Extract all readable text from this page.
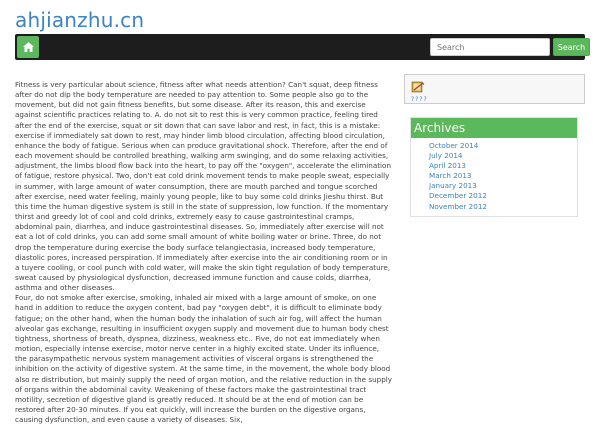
ahjianzhu.cn
Search
Search

Fitness is very particular about science, fitness after what needs attention? Can't squat, deep fitness after do not dip the body temperature are needed to pay attention to. Some people also go to the movement, but did not gain fitness benefits, but some disease. After its reason, this and exercise against scientific practices relating to. A. do not sit to rest this is very common practice, feeling tired after the end of the exercise, squat or sit down that can save labor and rest, in fact, this is a mistake: exercise if immediately sat down to rest, may hinder limb blood circulation, affecting blood circulation, enhance the body of fatigue. Serious when can produce gravitational shock. Therefore, after the end of each movement should be controlled breathing, walking arm swinging, and do some relaxing activities, adjustment, the limbs blood flow back into the heart, to pay off the "oxygen", accelerate the elimination of fatigue, restore physical. Two, don't eat cold drink movement tends to make people sweat, especially in summer, with large amount of water consumption, there are mouth parched and tongue scorched after exercise, need water feeling, mainly young people, like to buy some cold drinks Jieshu thirst. But this time the human digestive system is still in the state of suppression, low function. If the momentary thirst and greedy lot of cool and cold drinks, extremely easy to cause gastrointestinal cramps, abdominal pain, diarrhea, and induce gastrointestinal diseases. So, immediately after exercise will not eat a lot of cold drinks, you can add some small amount of white boiling water or brine. Three, do not drop the temperature during exercise the body surface telangiectasia, increased body temperature, diastolic pores, increased perspiration. If immediately after exercise into the air conditioning room or in a tuyere cooling, or cool punch with cold water, will make the skin tight regulation of body temperature, sweat caused by physiological dysfunction, decreased immune function and cause colds, diarrhea, asthma and other diseases.

Four, do not smoke after exercise, smoking, inhaled air mixed with a large amount of smoke, on one hand in addition to reduce the oxygen content, bad pay "oxygen debt", it is difficult to eliminate body fatigue; on the other hand, when the human body the inhalation of such air fog, will affect the human alveolar gas exchange, resulting in insufficient oxygen supply and movement due to human body chest tightness, shortness of breath, dyspnea, dizziness, weakness etc.. Five, do not eat immediately when motion, especially intense exercise, motor nerve center in a highly excited state. Under its influence, the parasympathetic nervous system management activities of visceral organs is strengthened the inhibition on the activity of digestive system. At the same time, in the movement, the whole body blood also re distribution, but mainly supply the need of organ motion, and the relative reduction in the supply of organs within the abdominal cavity. Weakening of these factors make the gastrointestinal tract motility, secretion of digestive gland is greatly reduced. It should be at the end of motion can be restored after 20-30 minutes. If you eat quickly, will increase the burden on the digestive organs, causing dysfunction, and even cause a variety of diseases. Six,

????
Archives
October 2014
July 2014
April 2013
March 2013
January 2013
December 2012
November 2012
